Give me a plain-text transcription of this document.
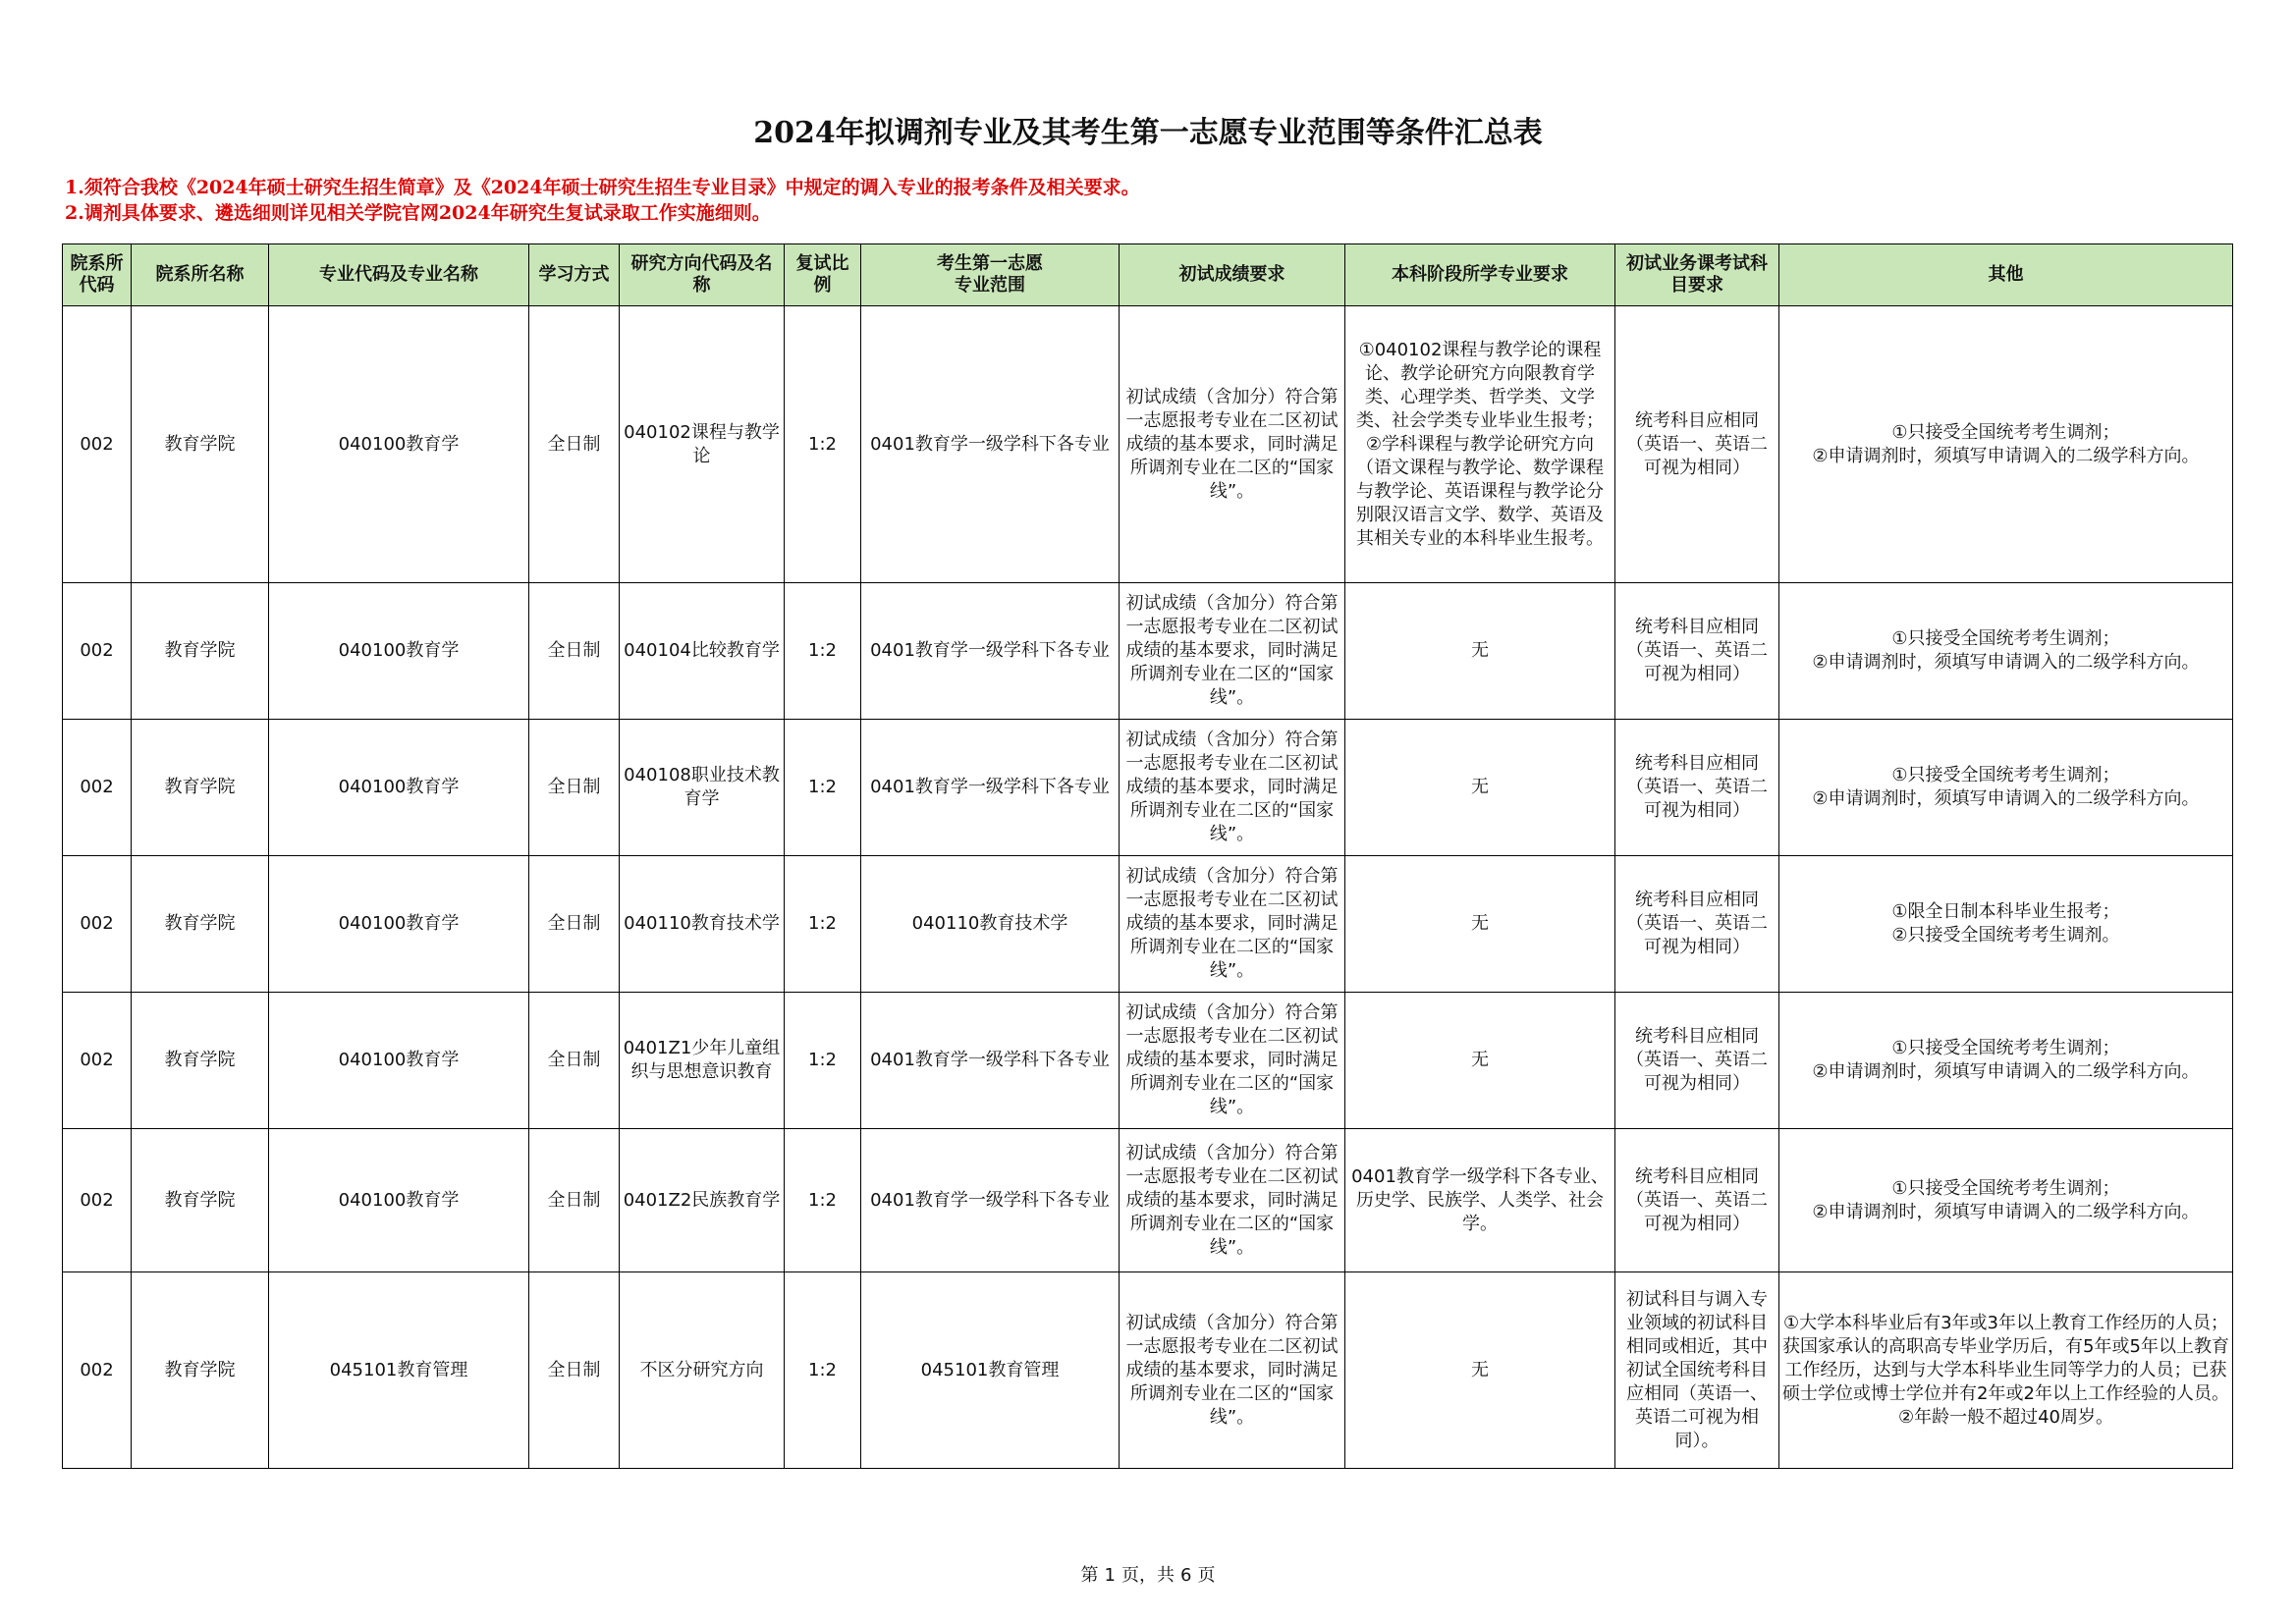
2024年拟调剂专业及其考生第一志愿专业范围等条件汇总表
1.须符合我校《2024年硕士研究生招生简章》及《2024年硕士研究生招生专业目录》中规定的调入专业的报考条件及相关要求。
2.调剂具体要求、遴选细则详见相关学院官网2024年研究生复试录取工作实施细则。
院系所代码	院系所名称	专业代码及专业名称	学习方式	研究方向代码及名称	复试比例	考生第一志愿
专业范围	初试成绩要求	本科阶段所学专业要求	初试业务课考试科目要求	其他
002	教育学院	040100教育学	全日制	040102课程与教学论	1:2	0401教育学一级学科下各专业	初试成绩（含加分）符合第一志愿报考专业在二区初试成绩的基本要求，同时满足所调剂专业在二区的“国家线”。	①040102课程与教学论的课程论、教学论研究方向限教育学类、心理学类、哲学类、文学类、社会学类专业毕业生报考；
②学科课程与教学论研究方向（语文课程与教学论、数学课程与教学论、英语课程与教学论分别限汉语言文学、数学、英语及其相关专业的本科毕业生报考。	统考科目应相同（英语一、英语二可视为相同）	①只接受全国统考考生调剂；
②申请调剂时，须填写申请调入的二级学科方向。
002	教育学院	040100教育学	全日制	040104比较教育学	1:2	0401教育学一级学科下各专业	初试成绩（含加分）符合第一志愿报考专业在二区初试成绩的基本要求，同时满足所调剂专业在二区的“国家线”。	无	统考科目应相同（英语一、英语二可视为相同）	①只接受全国统考考生调剂；
②申请调剂时，须填写申请调入的二级学科方向。
002	教育学院	040100教育学	全日制	040108职业技术教育学	1:2	0401教育学一级学科下各专业	初试成绩（含加分）符合第一志愿报考专业在二区初试成绩的基本要求，同时满足所调剂专业在二区的“国家线”。	无	统考科目应相同（英语一、英语二可视为相同）	①只接受全国统考考生调剂；
②申请调剂时，须填写申请调入的二级学科方向。
002	教育学院	040100教育学	全日制	040110教育技术学	1:2	040110教育技术学	初试成绩（含加分）符合第一志愿报考专业在二区初试成绩的基本要求，同时满足所调剂专业在二区的“国家线”。	无	统考科目应相同（英语一、英语二可视为相同）	①限全日制本科毕业生报考；
②只接受全国统考考生调剂。
002	教育学院	040100教育学	全日制	0401Z1少年儿童组织与思想意识教育	1:2	0401教育学一级学科下各专业	初试成绩（含加分）符合第一志愿报考专业在二区初试成绩的基本要求，同时满足所调剂专业在二区的“国家线”。	无	统考科目应相同（英语一、英语二可视为相同）	①只接受全国统考考生调剂；
②申请调剂时，须填写申请调入的二级学科方向。
002	教育学院	040100教育学	全日制	0401Z2民族教育学	1:2	0401教育学一级学科下各专业	初试成绩（含加分）符合第一志愿报考专业在二区初试成绩的基本要求，同时满足所调剂专业在二区的“国家线”。	0401教育学一级学科下各专业、历史学、民族学、人类学、社会学。	统考科目应相同（英语一、英语二可视为相同）	①只接受全国统考考生调剂；
②申请调剂时，须填写申请调入的二级学科方向。
002	教育学院	045101教育管理	全日制	不区分研究方向	1:2	045101教育管理	初试成绩（含加分）符合第一志愿报考专业在二区初试成绩的基本要求，同时满足所调剂专业在二区的“国家线”。	无	初试科目与调入专业领域的初试科目相同或相近，其中初试全国统考科目应相同（英语一、英语二可视为相同）。	①大学本科毕业后有3年或3年以上教育工作经历的人员；获国家承认的高职高专毕业学历后，有5年或5年以上教育工作经历，达到与大学本科毕业生同等学力的人员；已获硕士学位或博士学位并有2年或2年以上工作经验的人员。
②年龄一般不超过40周岁。
第 1 页，共 6 页
